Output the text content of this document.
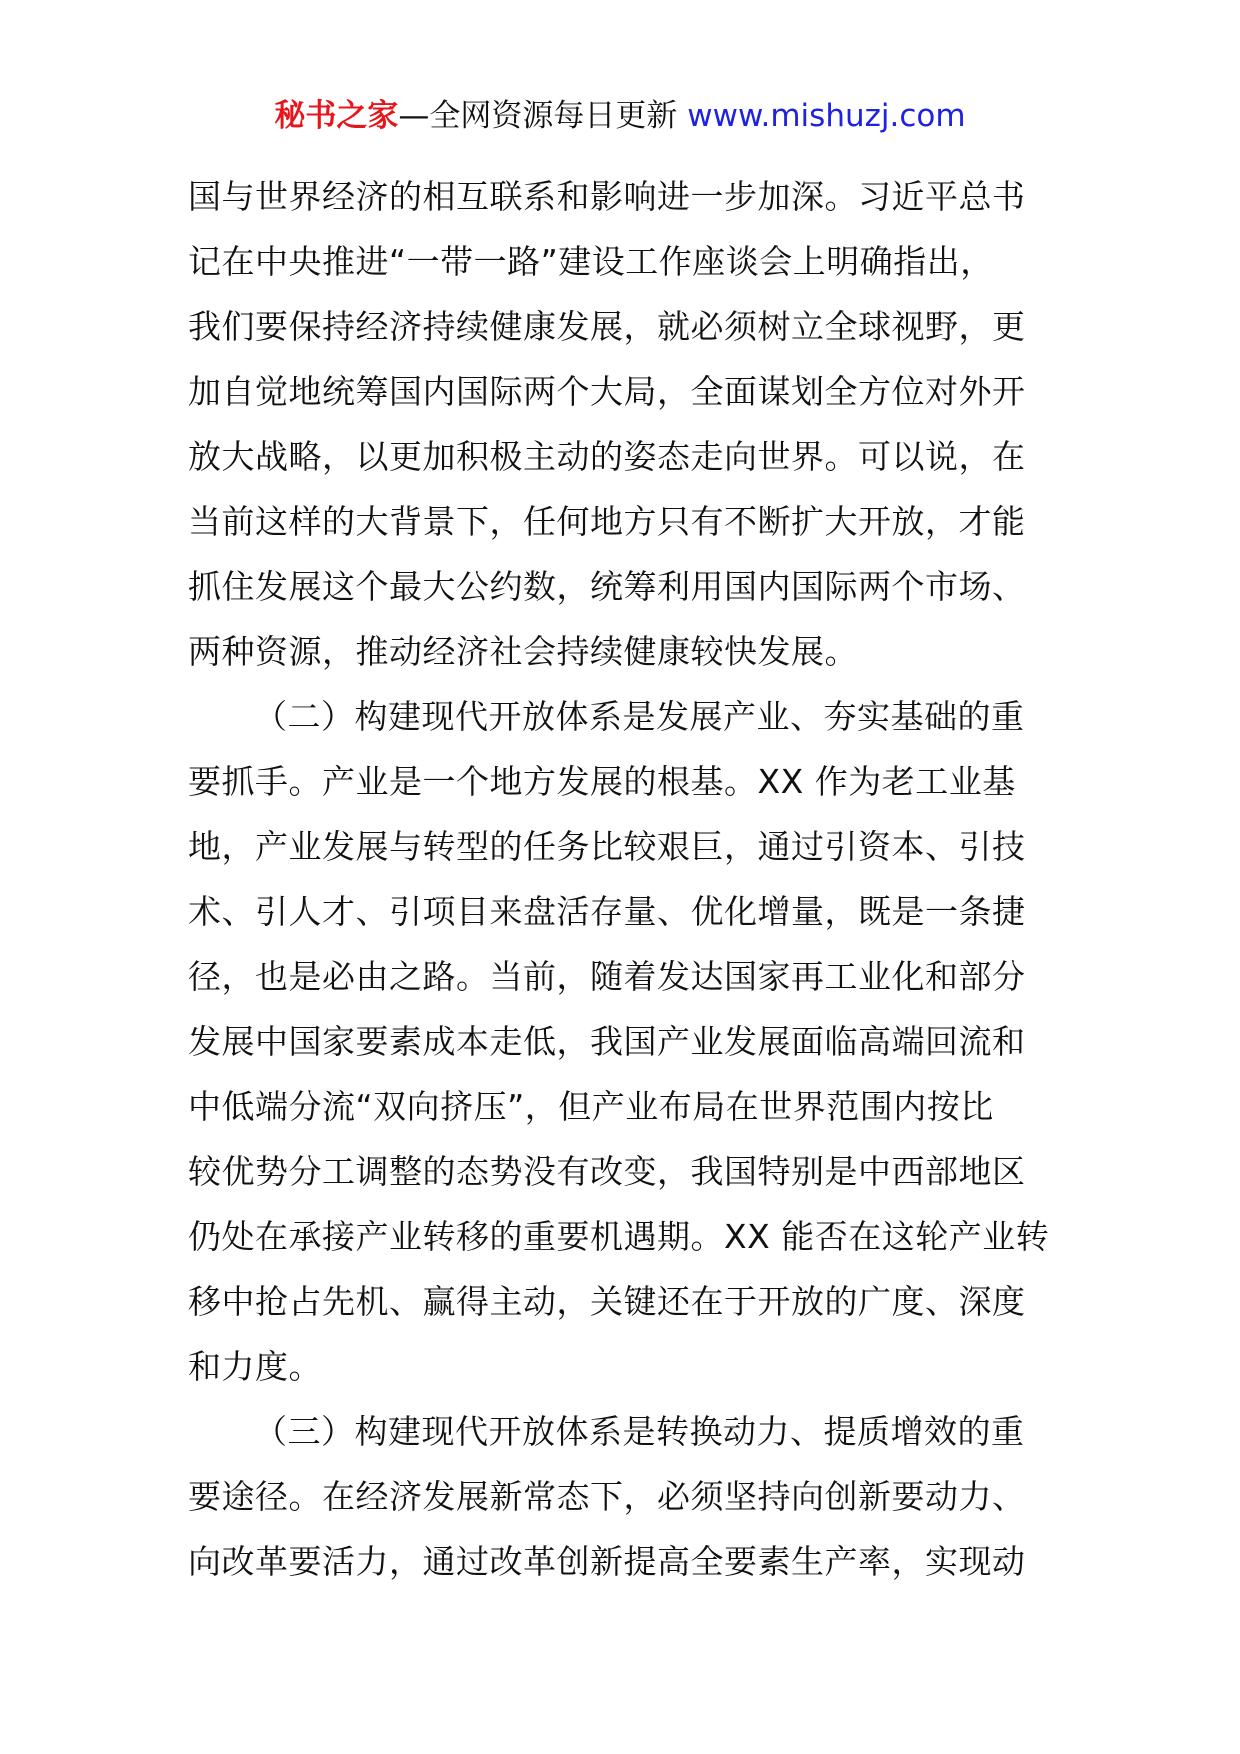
秘书之家—全网资源每日更新 www.mishuzj.com
国与世界经济的相互联系和影响进一步加深。习近平总书
记在中央推进“一带一路”建设工作座谈会上明确指出，
我们要保持经济持续健康发展，就必须树立全球视野，更
加自觉地统筹国内国际两个大局，全面谋划全方位对外开
放大战略，以更加积极主动的姿态走向世界。可以说，在
当前这样的大背景下，任何地方只有不断扩大开放，才能
抓住发展这个最大公约数，统筹利用国内国际两个市场、
两种资源，推动经济社会持续健康较快发展。
（二）构建现代开放体系是发展产业、夯实基础的重
要抓手。产业是一个地方发展的根基。XX 作为老工业基
地，产业发展与转型的任务比较艰巨，通过引资本、引技
术、引人才、引项目来盘活存量、优化增量，既是一条捷
径，也是必由之路。当前，随着发达国家再工业化和部分
发展中国家要素成本走低，我国产业发展面临高端回流和
中低端分流“双向挤压”，但产业布局在世界范围内按比
较优势分工调整的态势没有改变，我国特别是中西部地区
仍处在承接产业转移的重要机遇期。XX 能否在这轮产业转
移中抢占先机、赢得主动，关键还在于开放的广度、深度
和力度。
（三）构建现代开放体系是转换动力、提质增效的重
要途径。在经济发展新常态下，必须坚持向创新要动力、
向改革要活力，通过改革创新提高全要素生产率，实现动
